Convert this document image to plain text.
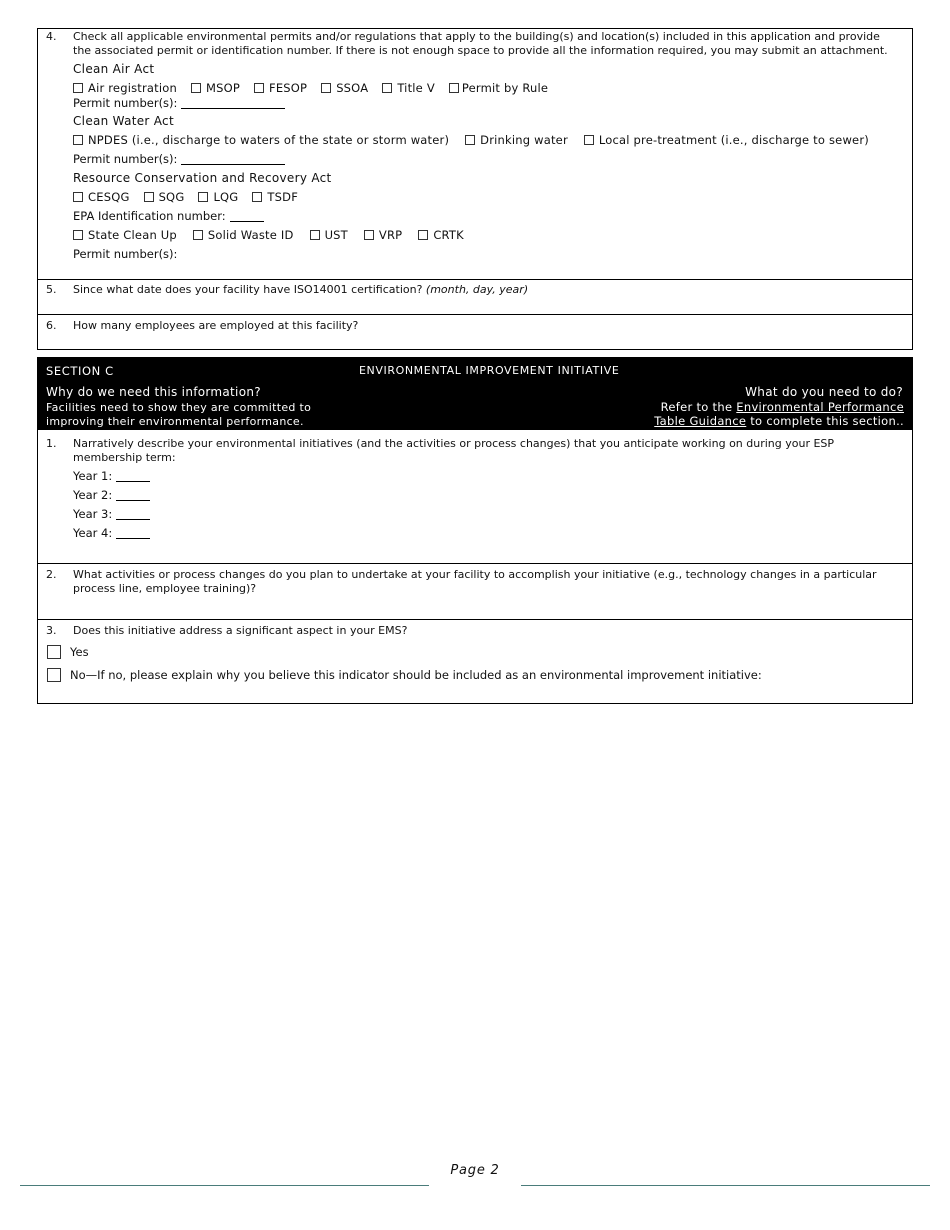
4. Check all applicable environmental permits and/or regulations that apply to the building(s) and location(s) included in this application and provide the associated permit or identification number. If there is not enough space to provide all the information required, you may submit an attachment.
Clean Air Act
Air registration	MSOP	FESOP	SSOA	Title V Permit by Rule
Permit number(s):
Clean Water Act
NPDES (i.e., discharge to waters of the state or storm water)	Drinking water	Local pre-treatment (i.e., discharge to sewer)
Permit number(s):
Resource Conservation and Recovery Act
CESQG	SQG	LQG	TSDF
EPA Identification number:
State Clean Up	Solid Waste ID	UST	VRP	CRTK
Permit number(s):
5. Since what date does your facility have ISO14001 certification? (month, day, year)
6. How many employees are employed at this facility?
SECTION C	ENVIRONMENTAL IMPROVEMENT INITIATIVE
Why do we need this information?
Facilities need to show they are committed to
improving their environmental performance.
What do you need to do?
Refer to the Environmental Performance
Table Guidance to complete this section..
1. Narratively describe your environmental initiatives (and the activities or process changes) that you anticipate working on during your ESP membership term:
Year 1:
Year 2:
Year 3:
Year 4:
2. What activities or process changes do you plan to undertake at your facility to accomplish your initiative (e.g., technology changes in a particular process line, employee training)?
3. Does this initiative address a significant aspect in your EMS?
Yes
No—If no, please explain why you believe this indicator should be included as an environmental improvement initiative:
Page 2
